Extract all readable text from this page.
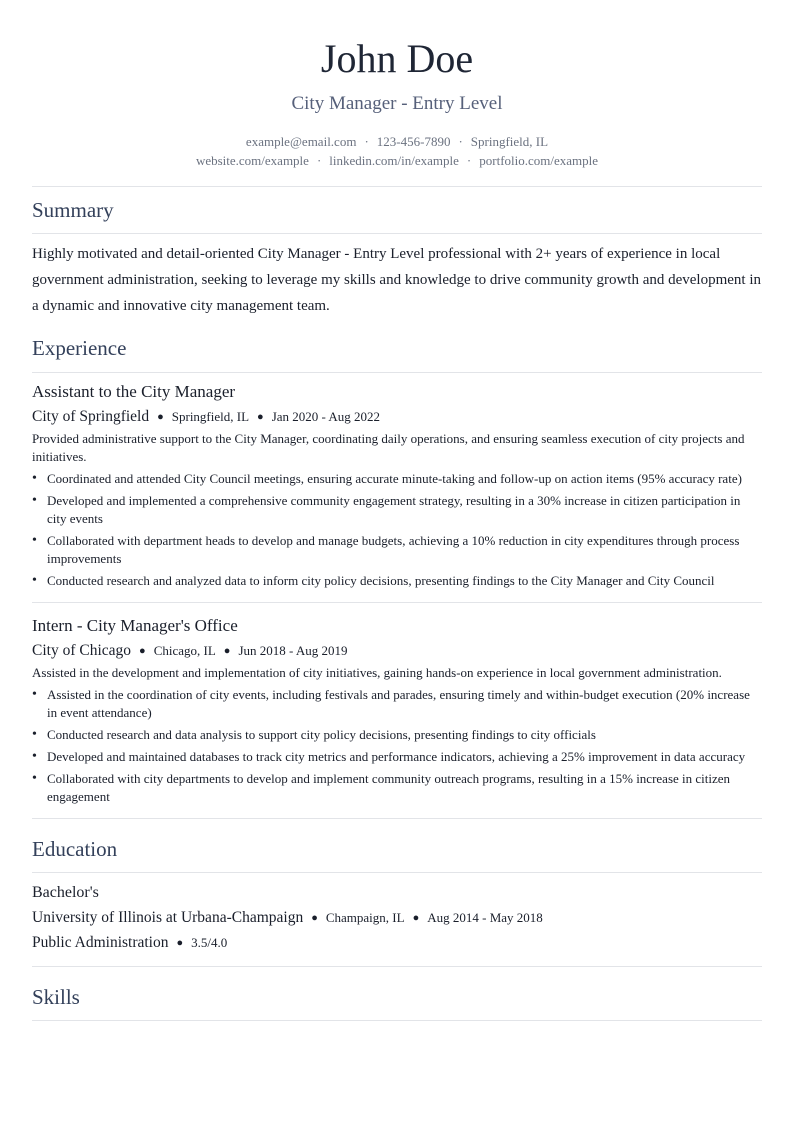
John Doe
City Manager - Entry Level
example@email.com · 123-456-7890 · Springfield, IL
website.com/example · linkedin.com/in/example · portfolio.com/example
Summary
Highly motivated and detail-oriented City Manager - Entry Level professional with 2+ years of experience in local government administration, seeking to leverage my skills and knowledge to drive community growth and development in a dynamic and innovative city management team.
Experience
Assistant to the City Manager
City of Springfield ● Springfield, IL ● Jan 2020 - Aug 2022
Provided administrative support to the City Manager, coordinating daily operations, and ensuring seamless execution of city projects and initiatives.
• Coordinated and attended City Council meetings, ensuring accurate minute-taking and follow-up on action items (95% accuracy rate)
• Developed and implemented a comprehensive community engagement strategy, resulting in a 30% increase in citizen participation in city events
• Collaborated with department heads to develop and manage budgets, achieving a 10% reduction in city expenditures through process improvements
• Conducted research and analyzed data to inform city policy decisions, presenting findings to the City Manager and City Council
Intern - City Manager's Office
City of Chicago ● Chicago, IL ● Jun 2018 - Aug 2019
Assisted in the development and implementation of city initiatives, gaining hands-on experience in local government administration.
• Assisted in the coordination of city events, including festivals and parades, ensuring timely and within-budget execution (20% increase in event attendance)
• Conducted research and data analysis to support city policy decisions, presenting findings to city officials
• Developed and maintained databases to track city metrics and performance indicators, achieving a 25% improvement in data accuracy
• Collaborated with city departments to develop and implement community outreach programs, resulting in a 15% increase in citizen engagement
Education
Bachelor's
University of Illinois at Urbana-Champaign ● Champaign, IL ● Aug 2014 - May 2018
Public Administration ● 3.5/4.0
Skills
